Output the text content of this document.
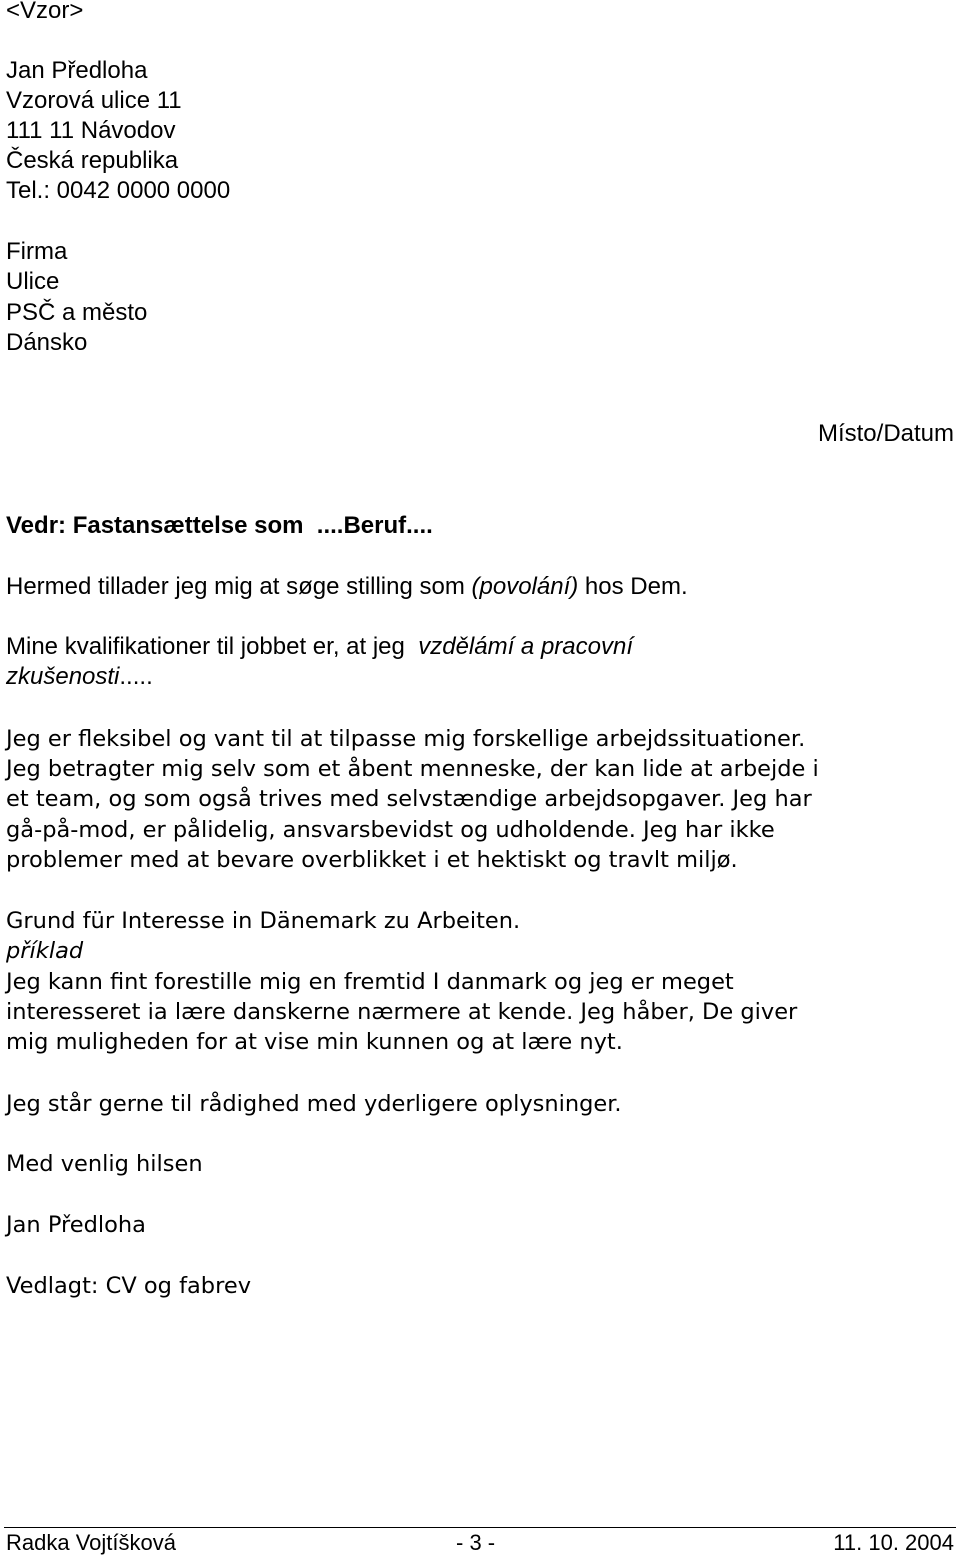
<Vzor>
Jan Předloha
Vzorová ulice 11
111 11 Návodov
Česká republika
Tel.: 0042 0000 0000
Firma
Ulice
PSČ a město
Dánsko
Místo/Datum
Vedr: Fastansættelse som  ....Beruf....
Hermed tillader jeg mig at søge stilling som (povolání) hos Dem.
Mine kvalifikationer til jobbet er, at jeg  vzdělámí a pracovní
zkušenosti.....
Jeg er fleksibel og vant til at tilpasse mig forskellige arbejdssituationer.
Jeg betragter mig selv som et åbent menneske, der kan lide at arbejde i
et team, og som også trives med selvstændige arbejdsopgaver. Jeg har
gå-på-mod, er pålidelig, ansvarsbevidst og udholdende. Jeg har ikke
problemer med at bevare overblikket i et hektiskt og travlt miljø.
Grund für Interesse in Dänemark zu Arbeiten.
příklad
Jeg kann fint forestille mig en fremtid I danmark og jeg er meget
interesseret ia lære danskerne nærmere at kende. Jeg håber, De giver
mig muligheden for at vise min kunnen og at lære nyt.
Jeg står gerne til rådighed med yderligere oplysninger.
Med venlig hilsen
Jan Předloha
Vedlagt: CV og fabrev
Radka Vojtíšková	- 3 -	11. 10. 2004
